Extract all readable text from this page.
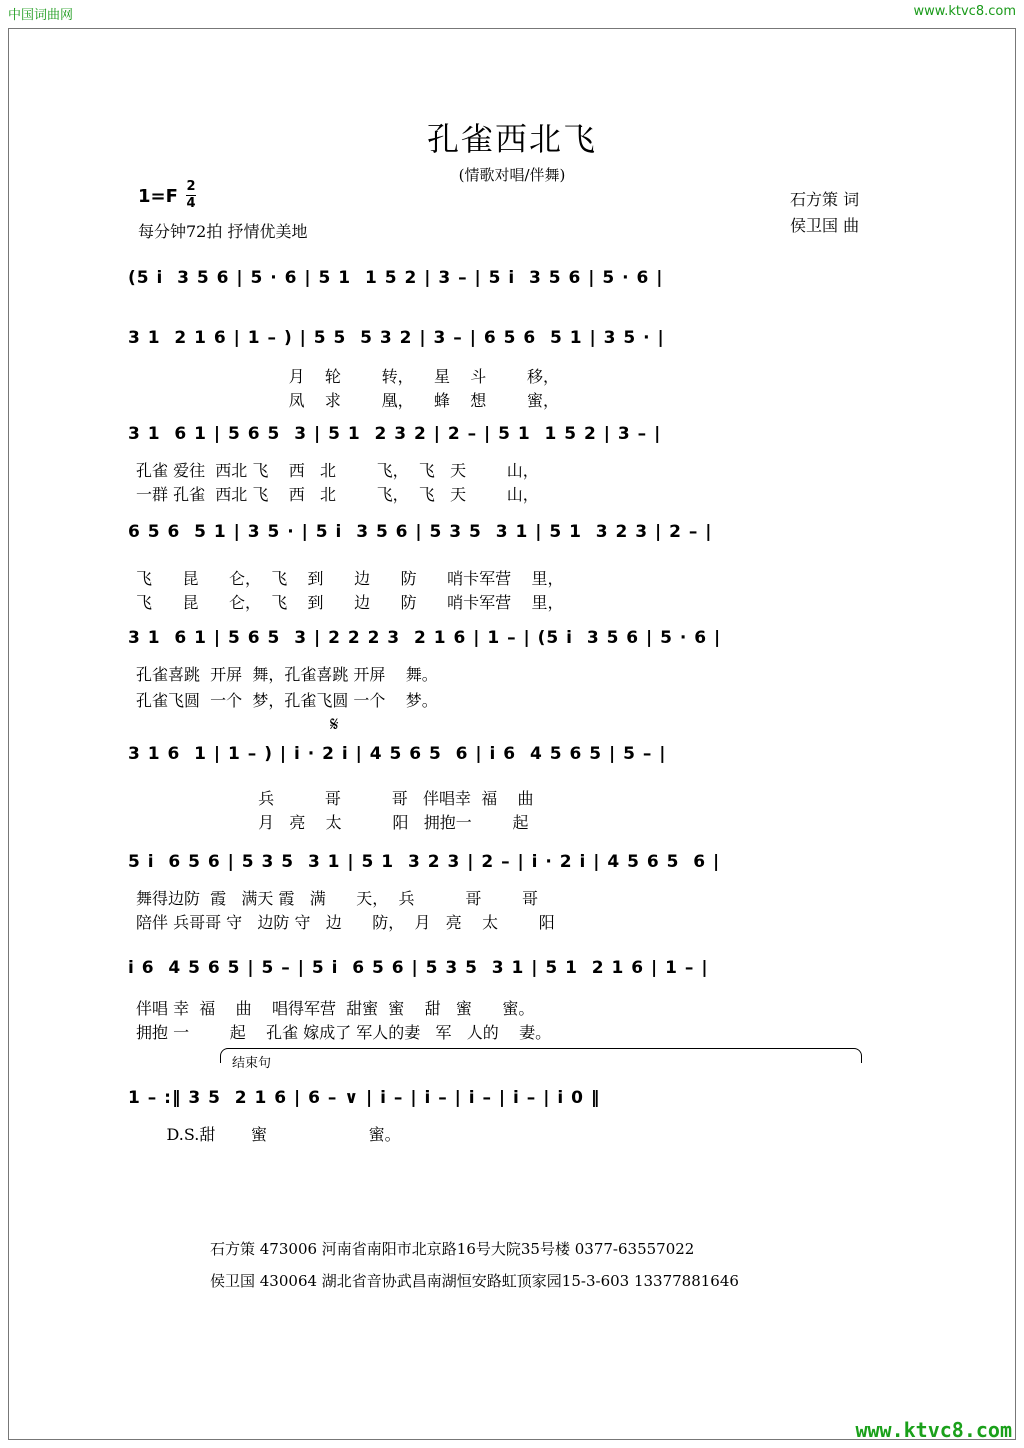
中国词曲网	www.ktvc8.com
孔雀西北飞
(情歌对唱/伴舞)
1=F 2
4
每分钟72拍 抒情优美地
石方策 词
侯卫国 曲
(5 i  3 5 6 | 5 · 6 | 5 1  1 5 2 | 3 – | 5 i  3 5 6 | 5 · 6 |
3 1  2 1 6 | 1 – ) | 5 5  5 3 2 | 3 – | 6 5 6  5 1 | 3 5 · |
月    轮        转，    星    斗        移，
凤    求        凰，    蜂    想        蜜，
3 1  6 1 | 5 6 5  3 | 5 1  2 3 2 | 2 – | 5 1  1 5 2 | 3 – |
孔雀 爱往  西北 飞    西   北        飞，  飞   天        山，
一群 孔雀  西北 飞    西   北        飞，  飞   天        山，
6 5 6  5 1 | 3 5 · | 5 i  3 5 6 | 5 3 5  3 1 | 5 1  3 2 3 | 2 – |
飞      昆      仑，  飞    到      边      防      哨卡军营    里，
飞      昆      仑，  飞    到      边      防      哨卡军营    里，
3 1  6 1 | 5 6 5  3 | 2 2 2 3  2 1 6 | 1 – | (5 i  3 5 6 | 5 · 6 |
孔雀喜跳  开屏  舞，孔雀喜跳 开屏    舞。
孔雀飞圆  一个  梦，孔雀飞圆 一个    梦。
𝄋
3 1 6  1 | 1 – ) | i · 2 i | 4 5 6 5  6 | i 6  4 5 6 5 | 5 – |
兵          哥          哥   伴唱幸  福    曲
月   亮    太          阳   拥抱一        起
5 i  6 5 6 | 5 3 5  3 1 | 5 1  3 2 3 | 2 – | i · 2 i | 4 5 6 5  6 |
舞得边防  霞   满天 霞   满      天，  兵          哥        哥
陪伴 兵哥哥 守   边防 守   边      防，  月   亮    太        阳
i 6  4 5 6 5 | 5 – | 5 i  6 5 6 | 5 3 5  3 1 | 5 1  2 1 6 | 1 – |
伴唱 幸  福    曲    唱得军营  甜蜜  蜜    甜   蜜      蜜。
拥抱 一        起    孔雀 嫁成了 军人的妻   军   人的    妻。
结束句
1 – :‖ 3 5  2 1 6 | 6 – ∨ | i – | i – | i – | i – | i 0 ‖
D.S.甜       蜜                    蜜。
石方策 473006 河南省南阳市北京路16号大院35号楼 0377-63557022
侯卫国 430064 湖北省音协武昌南湖恒安路虹顶家园15-3-603 13377881646
www.ktvc8.com
